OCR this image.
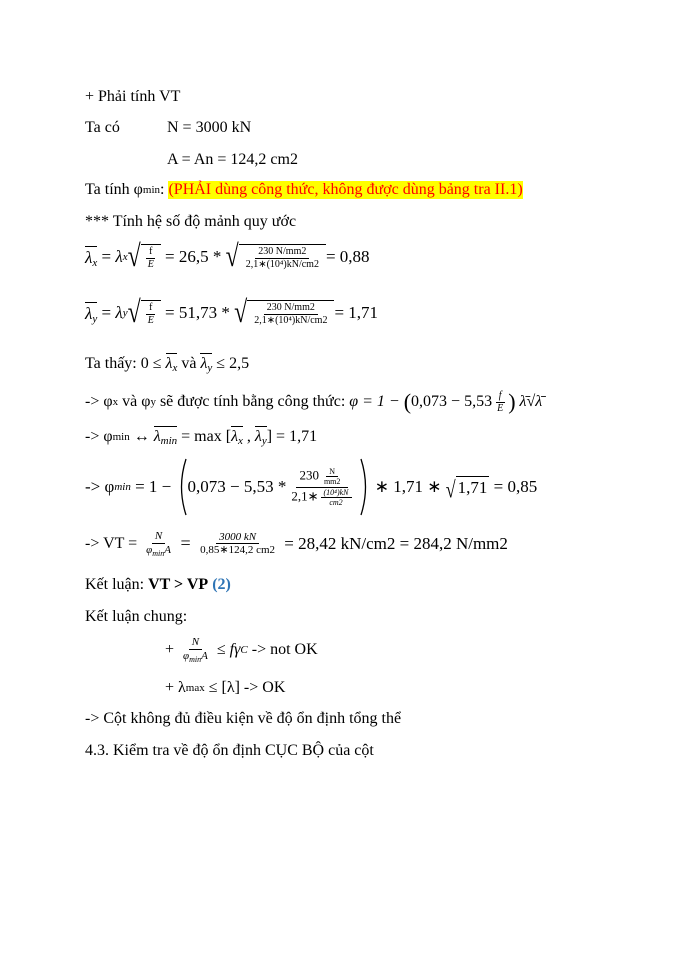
+ Phải tính VT
Ta có	N = 3000 kN
A = An = 124,2 cm2
Ta tính φ min : (PHẢI dùng công thức, không được dùng bảng tra II.1)
*** Tính hệ số độ mảnh quy ước
$\lambda_x = \lambda$ x √ $\frac{f}{E}$
= 26,5 *
√ $\frac{230 N/mm2}{\text{2,1∗(10⁴)kN/cm2}} = 0,88$
$\lambda_y = \lambda$ y √ $\frac{f}{E}$
= 51,73 *
√ $\frac{230 N/mm2}{\text{2,1∗(10⁴)kN/cm2}} = 1,71$
Ta thấy: $0 \le \lambda_x$ và $\lambda_y \le 2,5$
-> φ x và φ y sẽ được tính bằng công thức: φ = 1 − ( $0,073 - 5,53 \frac{f}{E}$ )
λ̄√λ̄
-> φ min ↔ $\lambda_{min} = \max$ [ $\lambda_x$ , $\lambda_y$ ] = 1,71
-> φ $\min = 1 - 0,073 - 5,53 * \frac{230 \frac{N}{mm2}}{2,1∗ \frac{\text{(10⁴)kN}}{cm2}}$
∗ 1,71 ∗
√ 1,71
= 0,85
-> VT = $\frac{N}{\varphi_{min}A} = \frac{3000 kN}{0,85∗124,2 cm2} = 28,42$ kN/cm2 = 284,2 N/mm2
Kết luận: VT > VP
(2)
Kết luận chung:
+ $\frac{N}{\varphi_{min}A} \le f\gamma$ C -> not OK
+ λ max ≤ [λ] -> OK
-> Cột không đủ điều kiện về độ ổn định tổng thể
4.3. Kiểm tra về độ ổn định CỤC BỘ của cột
